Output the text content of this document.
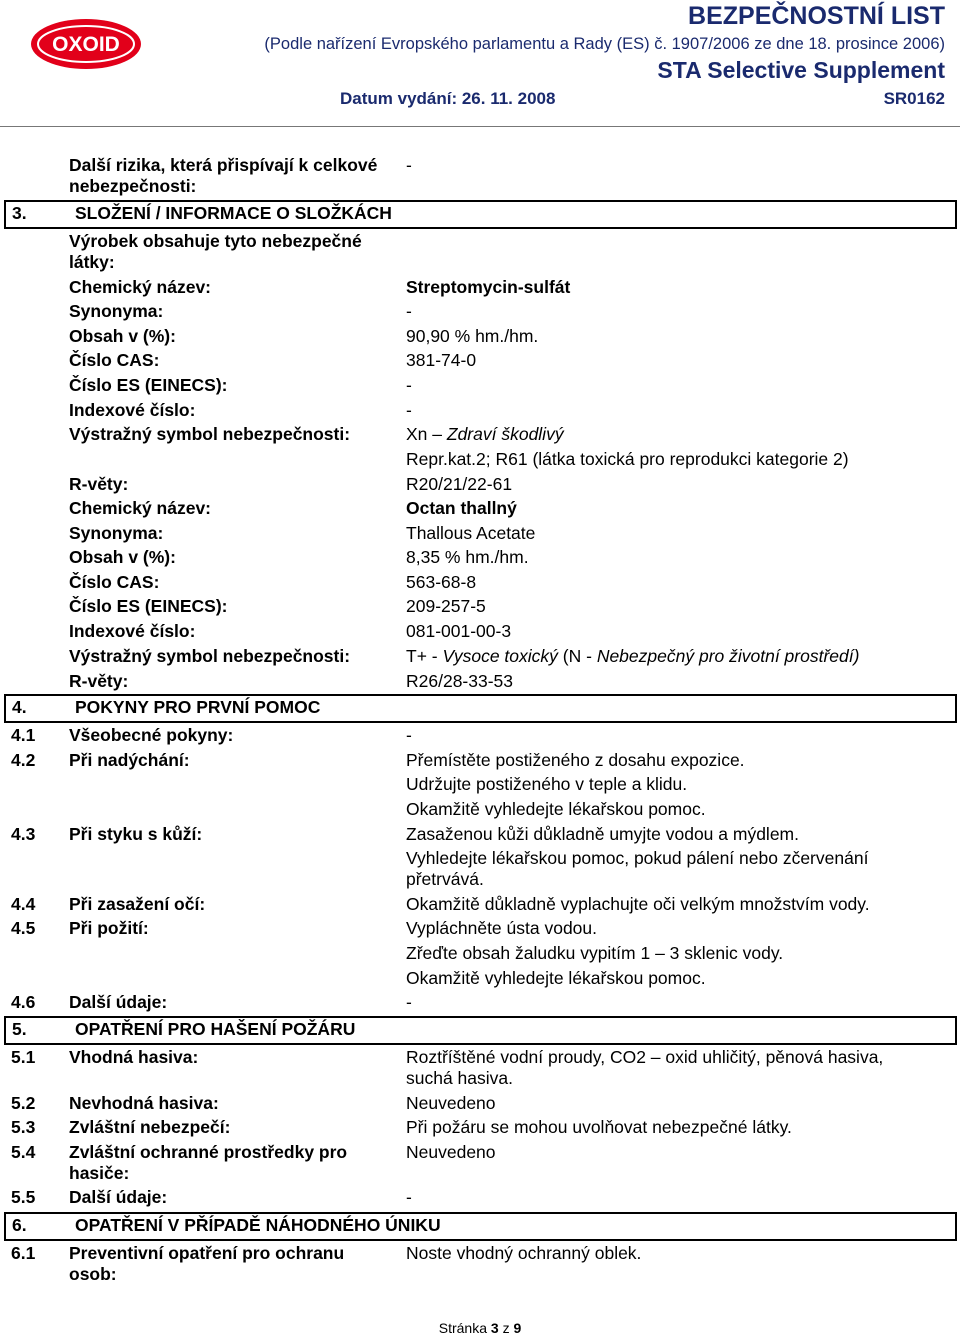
OXOID
BEZPEČNOSTNÍ LIST
(Podle nařízení Evropského parlamentu a Rady (ES) č. 1907/2006 ze dne 18. prosince 2006)
STA Selective Supplement
Datum vydání: 26. 11. 2008	SR0162
Další rizika, která přispívají k celkové
nebezpečnosti:
-
3.	SLOŽENÍ / INFORMACE O SLOŽKÁCH
Výrobek obsahuje tyto nebezpečné
látky:
Chemický název:	Streptomycin-sulfát
Synonyma:	-
Obsah v (%):	90,90 % hm./hm.
Číslo CAS:	381-74-0
Číslo ES (EINECS):	-
Indexové číslo:	-
Výstražný symbol nebezpečnosti:	Xn – Zdraví škodlivý
Repr.kat.2; R61 (látka toxická pro reprodukci kategorie 2)
R-věty:	R20/21/22-61
Chemický název:	Octan thallný
Synonyma:	Thallous Acetate
Obsah v (%):	8,35 % hm./hm.
Číslo CAS:	563-68-8
Číslo ES (EINECS):	209-257-5
Indexové číslo:	081-001-00-3
Výstražný symbol nebezpečnosti:	T+ - Vysoce toxický (N - Nebezpečný pro životní prostředí)
R-věty:	R26/28-33-53
4.	POKYNY PRO PRVNÍ POMOC
4.1 Všeobecné pokyny:	-
4.2 Při nadýchání:	Přemístěte postiženého z dosahu expozice.
Udržujte postiženého v teple a klidu.
Okamžitě vyhledejte lékařskou pomoc.
4.3 Při styku s kůží:	Zasaženou kůži důkladně umyjte vodou a mýdlem.
Vyhledejte lékařskou pomoc, pokud pálení nebo zčervenání
přetrvává.
4.4 Při zasažení očí:	Okamžitě důkladně vyplachujte oči velkým množstvím vody.
4.5 Při požití:	Vypláchněte ústa vodou.
Zřeďte obsah žaludku vypitím 1 – 3 sklenic vody.
Okamžitě vyhledejte lékařskou pomoc.
4.6 Další údaje:	-
5.	OPATŘENÍ PRO HAŠENÍ POŽÁRU
5.1 Vhodná hasiva:	Roztříštěné vodní proudy, CO2 – oxid uhličitý, pěnová hasiva,
suchá hasiva.
5.2 Nevhodná hasiva:	Neuvedeno
5.3 Zvláštní nebezpečí:	Při požáru se mohou uvolňovat nebezpečné látky.
5.4 Zvláštní ochranné prostředky pro
hasiče:
Neuvedeno
5.5 Další údaje:	-
6.	OPATŘENÍ V PŘÍPADĚ NÁHODNÉHO ÚNIKU
6.1 Preventivní opatření pro ochranu
osob:
Noste vhodný ochranný oblek.
Stránka 3 z 9
